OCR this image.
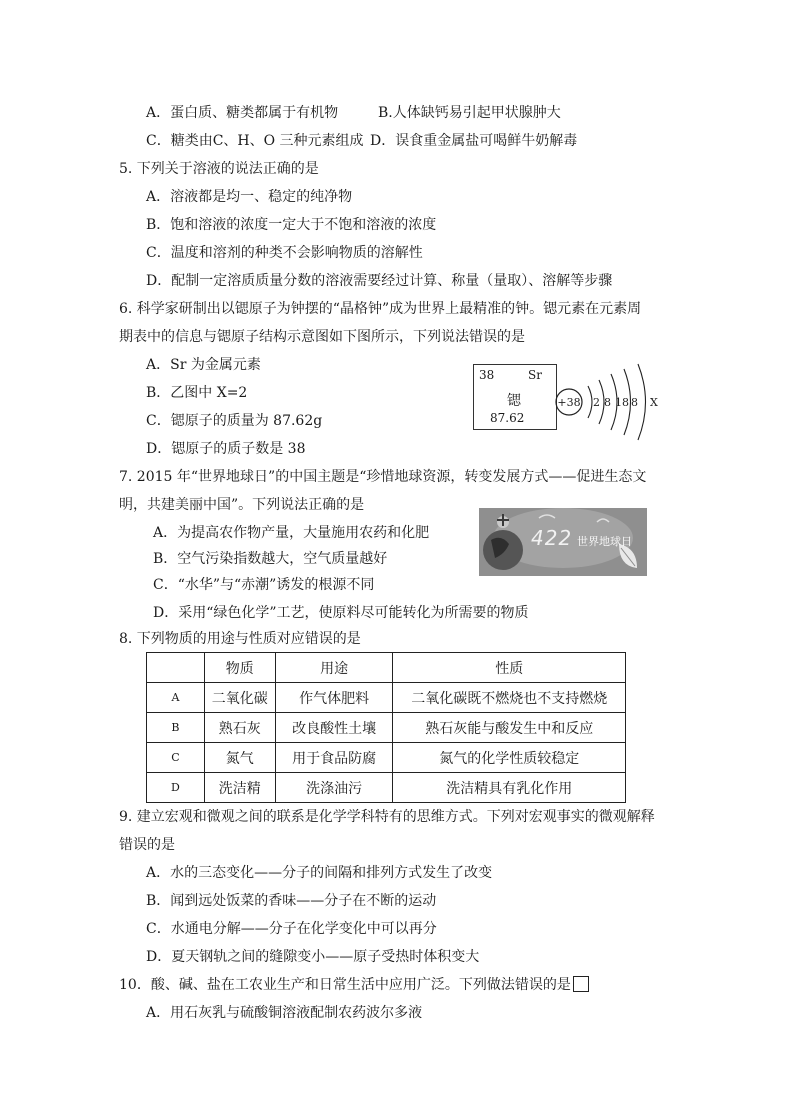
A．蛋白质、糖类都属于有机物	B.人体缺钙易引起甲状腺肿大
C．糖类由C、H、O 三种元素组成 D．误食重金属盐可喝鲜牛奶解毒
5. 下列关于溶液的说法正确的是
A．溶液都是均一、稳定的纯净物
B．饱和溶液的浓度一定大于不饱和溶液的浓度
C．温度和溶剂的种类不会影响物质的溶解性
D．配制一定溶质质量分数的溶液需要经过计算、称量（量取）、溶解等步骤
6. 科学家研制出以锶原子为钟摆的“晶格钟”成为世界上最精准的钟。锶元素在元素周
期表中的信息与锶原子结构示意图如下图所示，下列说法错误的是
A．Sr 为金属元素
B．乙图中 X=2
C．锶原子的质量为 87.62g
D．锶原子的质子数是 38
38	Sr
锶
87.62
+38 2 8 18 8 X
7. 2015 年“世界地球日”的中国主题是“珍惜地球资源，转变发展方式——促进生态文
明，共建美丽中国”。下列说法正确的是
A．为提高农作物产量，大量施用农药和化肥
B．空气污染指数越大，空气质量越好
C．“水华”与“赤潮”诱发的根源不同
D．采用“绿色化学”工艺，使原料尽可能转化为所需要的物质
422 世界地球日
8. 下列物质的用途与性质对应错误的是
	物质	用途	性质
A	二氧化碳	作气体肥料	二氧化碳既不燃烧也不支持燃烧
B	熟石灰	改良酸性土壤	熟石灰能与酸发生中和反应
C	氮气	用于食品防腐	氮气的化学性质较稳定
D	洗洁精	洗涤油污	洗洁精具有乳化作用
9. 建立宏观和微观之间的联系是化学学科特有的思维方式。下列对宏观事实的微观解释
错误的是
A．水的三态变化——分子的间隔和排列方式发生了改变
B．闻到远处饭菜的香味——分子在不断的运动
C．水通电分解——分子在化学变化中可以再分
D．夏天钢轨之间的缝隙变小——原子受热时体积变大
10．酸、碱、盐在工农业生产和日常生活中应用广泛。下列做法错误的是
A．用石灰乳与硫酸铜溶液配制农药波尔多液
